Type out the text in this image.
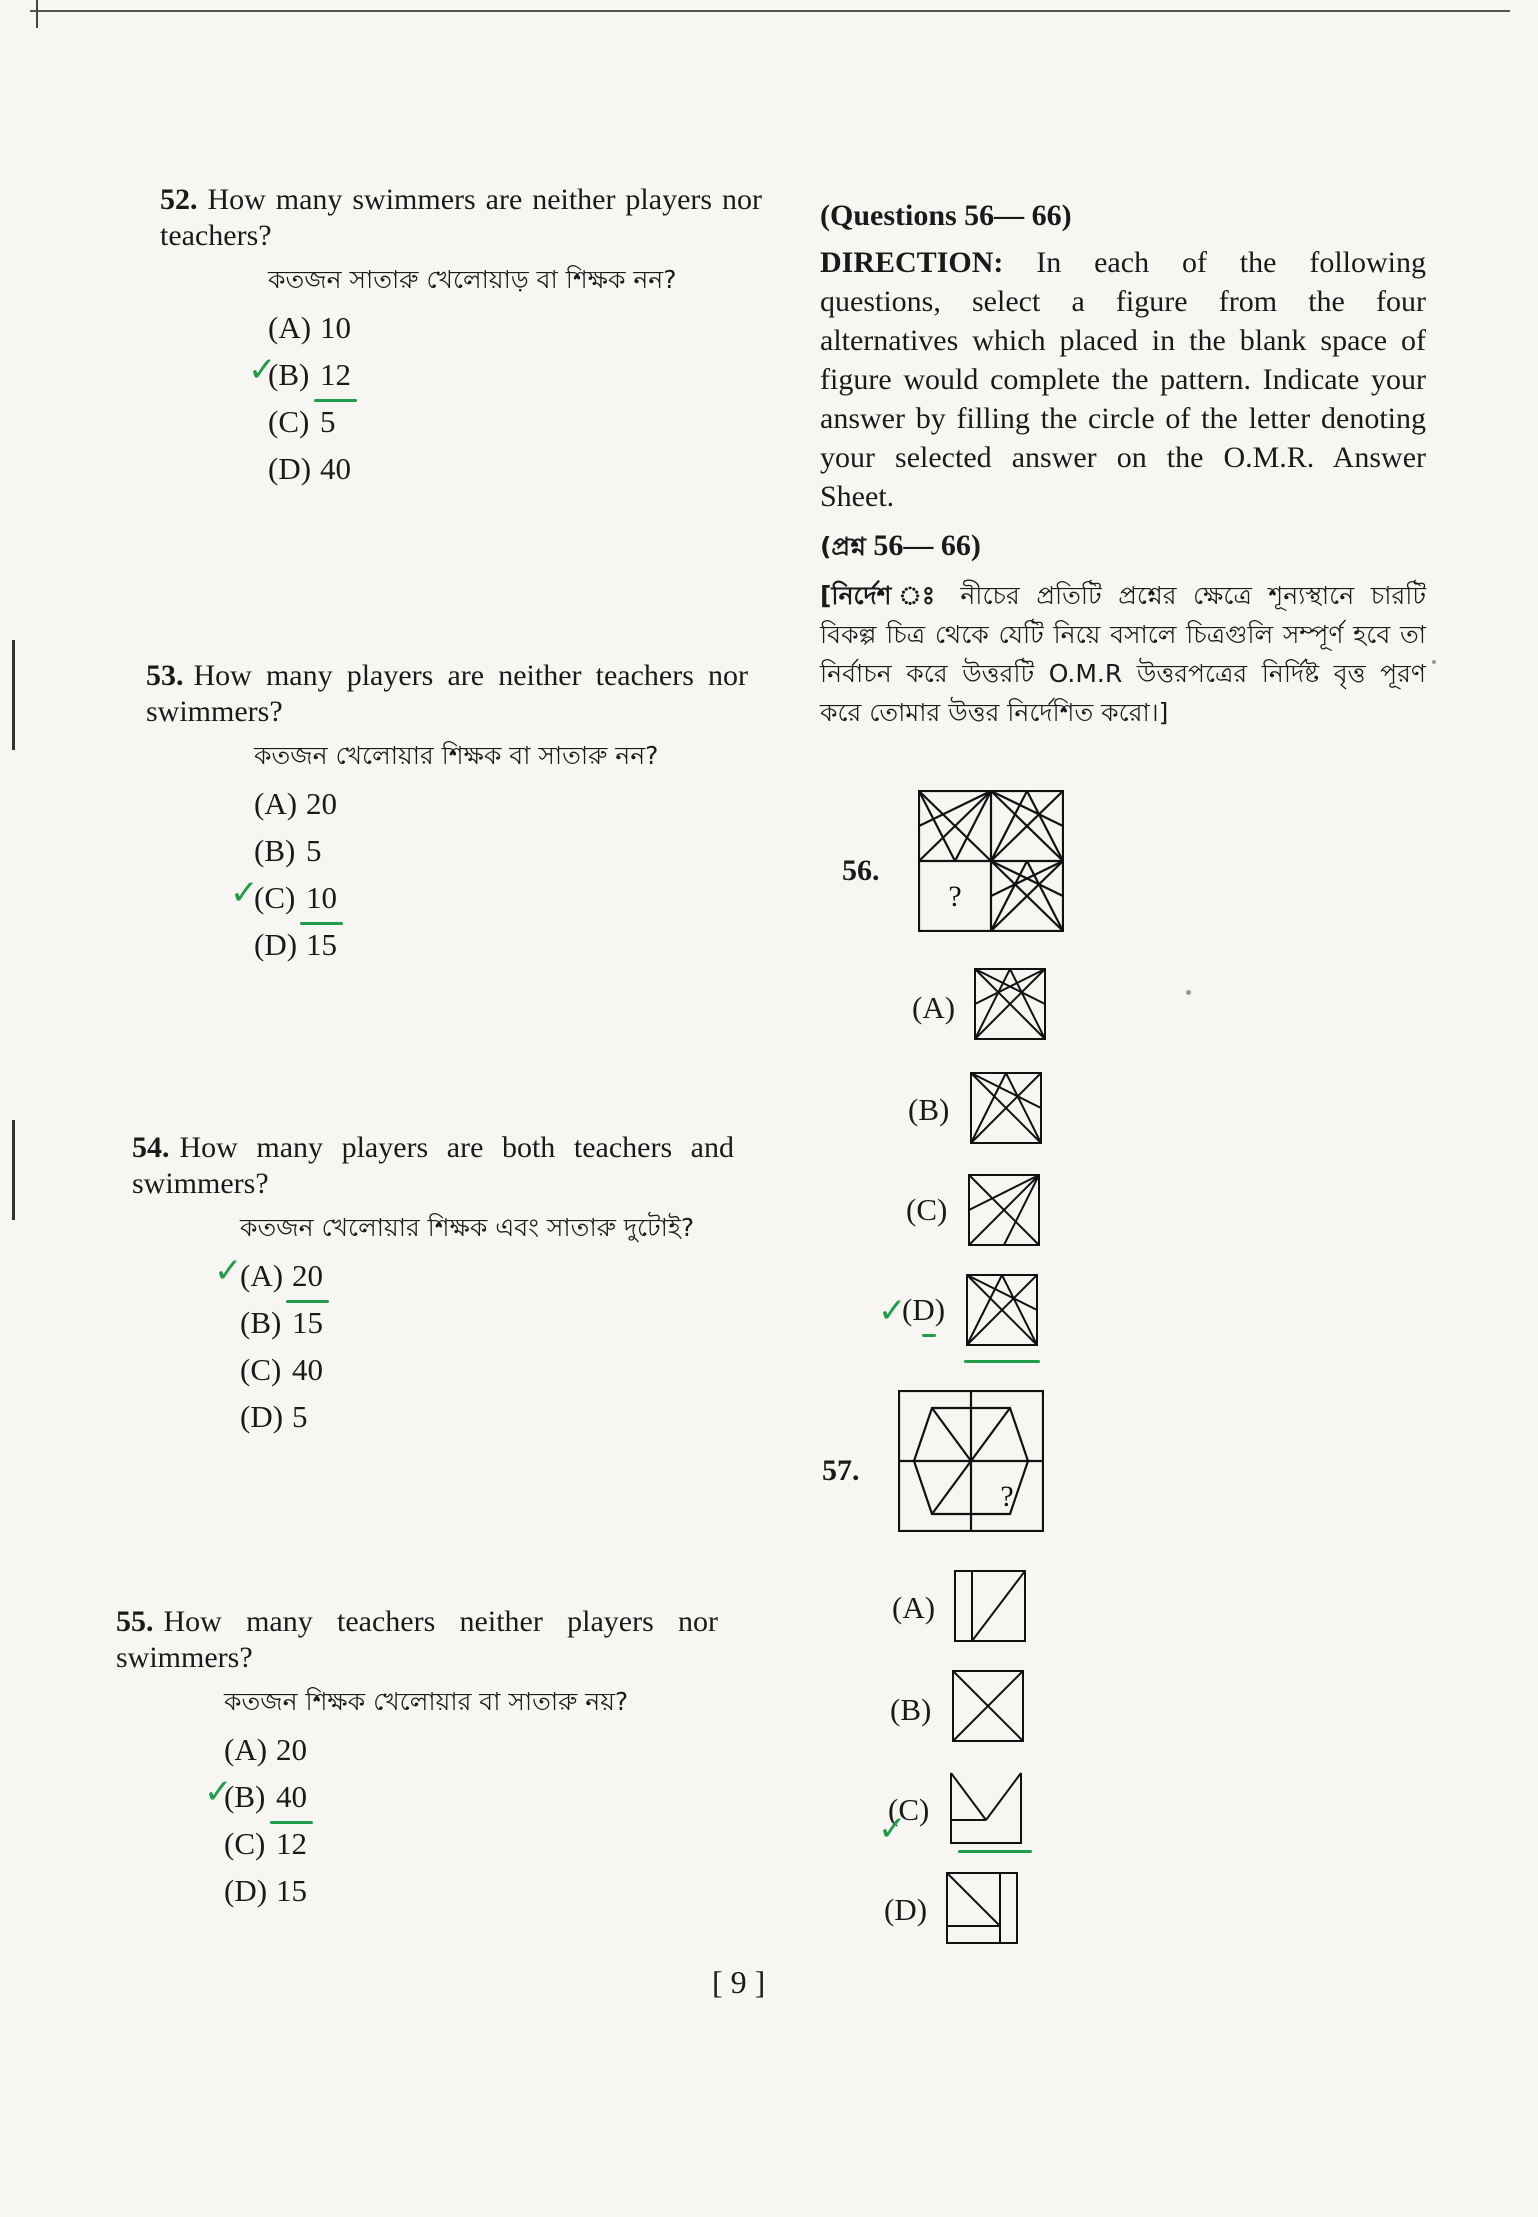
52. How many swimmers are neither players nor teachers?
কতজন সাতারু খেলোয়াড় বা শিক্ষক নন?
(A) 10
✓
(B) 12
(C) 5
(D) 40
53. How many players are neither teachers nor swimmers?
কতজন খেলোয়ার শিক্ষক বা সাতারু নন?
(A) 20
(B) 5
✓
(C) 10
(D) 15
54. How many players are both teachers and swimmers?
কতজন খেলোয়ার শিক্ষক এবং সাতারু দুটোই?
✓
(A) 20
(B) 15
(C) 40
(D) 5
55. How many teachers neither players nor swimmers?
কতজন শিক্ষক খেলোয়ার বা সাতারু নয়?
(A) 20
✓
(B) 40
(C) 12
(D) 15

(Questions 56— 66)

DIRECTION: In each of the following questions, select a figure from the four alternatives which placed in the blank space of figure would complete the pattern. Indicate your answer by filling the circle of the letter denoting your selected answer on the O.M.R. Answer Sheet.

(প্রশ্ন 56— 66)

[নির্দেশ ঃ নীচের প্রতিটি প্রশ্নের ক্ষেত্রে শূন্যস্থানে চারটি বিকল্প চিত্র থেকে যেটি নিয়ে বসালে চিত্রগুলি সম্পূর্ণ হবে তা নির্বাচন করে উত্তরটি O.M.R উত্তরপত্রের নির্দিষ্ট বৃত্ত পূরণ করে তোমার উত্তর নির্দেশিত করো।]

56.
?
(A)
(B)
(C)
✓
(D)
57.
?
(A)
(B)
(C)
✓
(D)
[ 9 ]
